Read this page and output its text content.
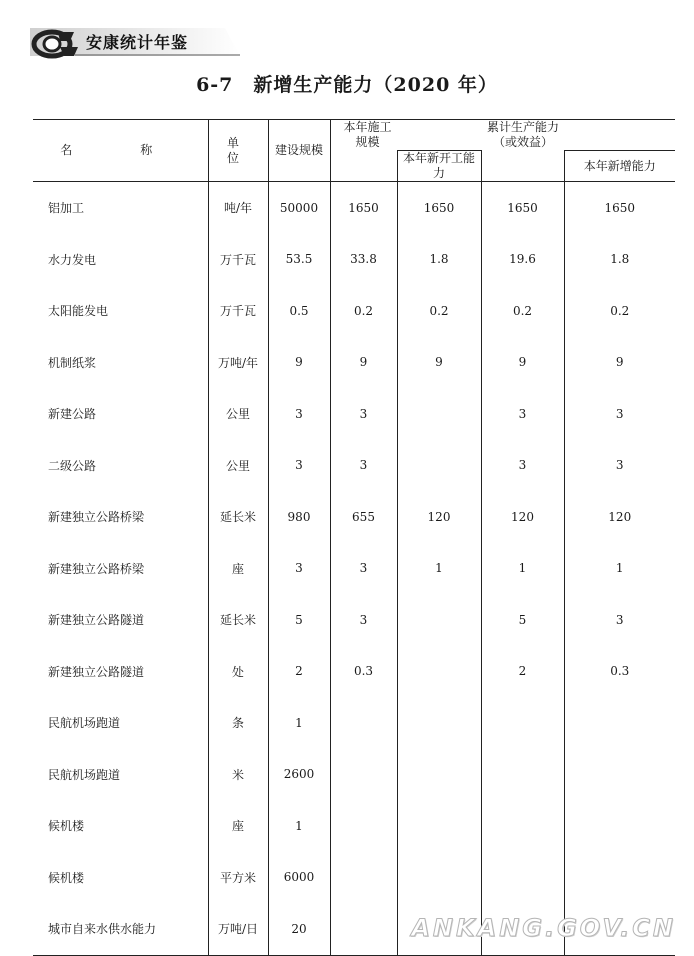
安康统计年鉴
6-7　新增生产能力（2020 年）
名　称	单　位	建设规模	本年施工规模		累计生产能力（或效益）	
				本年新开工能力		本年新增能力
铝加工	吨/年	50000	1650	1650	1650	1650
水力发电	万千瓦	53.5	33.8	1.8	19.6	1.8
太阳能发电	万千瓦	0.5	0.2	0.2	0.2	0.2
机制纸浆	万吨/年	9	9	9	9	9
新建公路	公里	3	3		3	3
二级公路	公里	3	3		3	3
新建独立公路桥梁	延长米	980	655	120	120	120
新建独立公路桥梁	座	3	3	1	1	1
新建独立公路隧道	延长米	5	3		5	3
新建独立公路隧道	处	2	0.3		2	0.3
民航机场跑道	条	1				
民航机场跑道	米	2600				
候机楼	座	1				
候机楼	平方米	6000				
城市自来水供水能力	万吨/日	20					ANKANG.GOV.CN
